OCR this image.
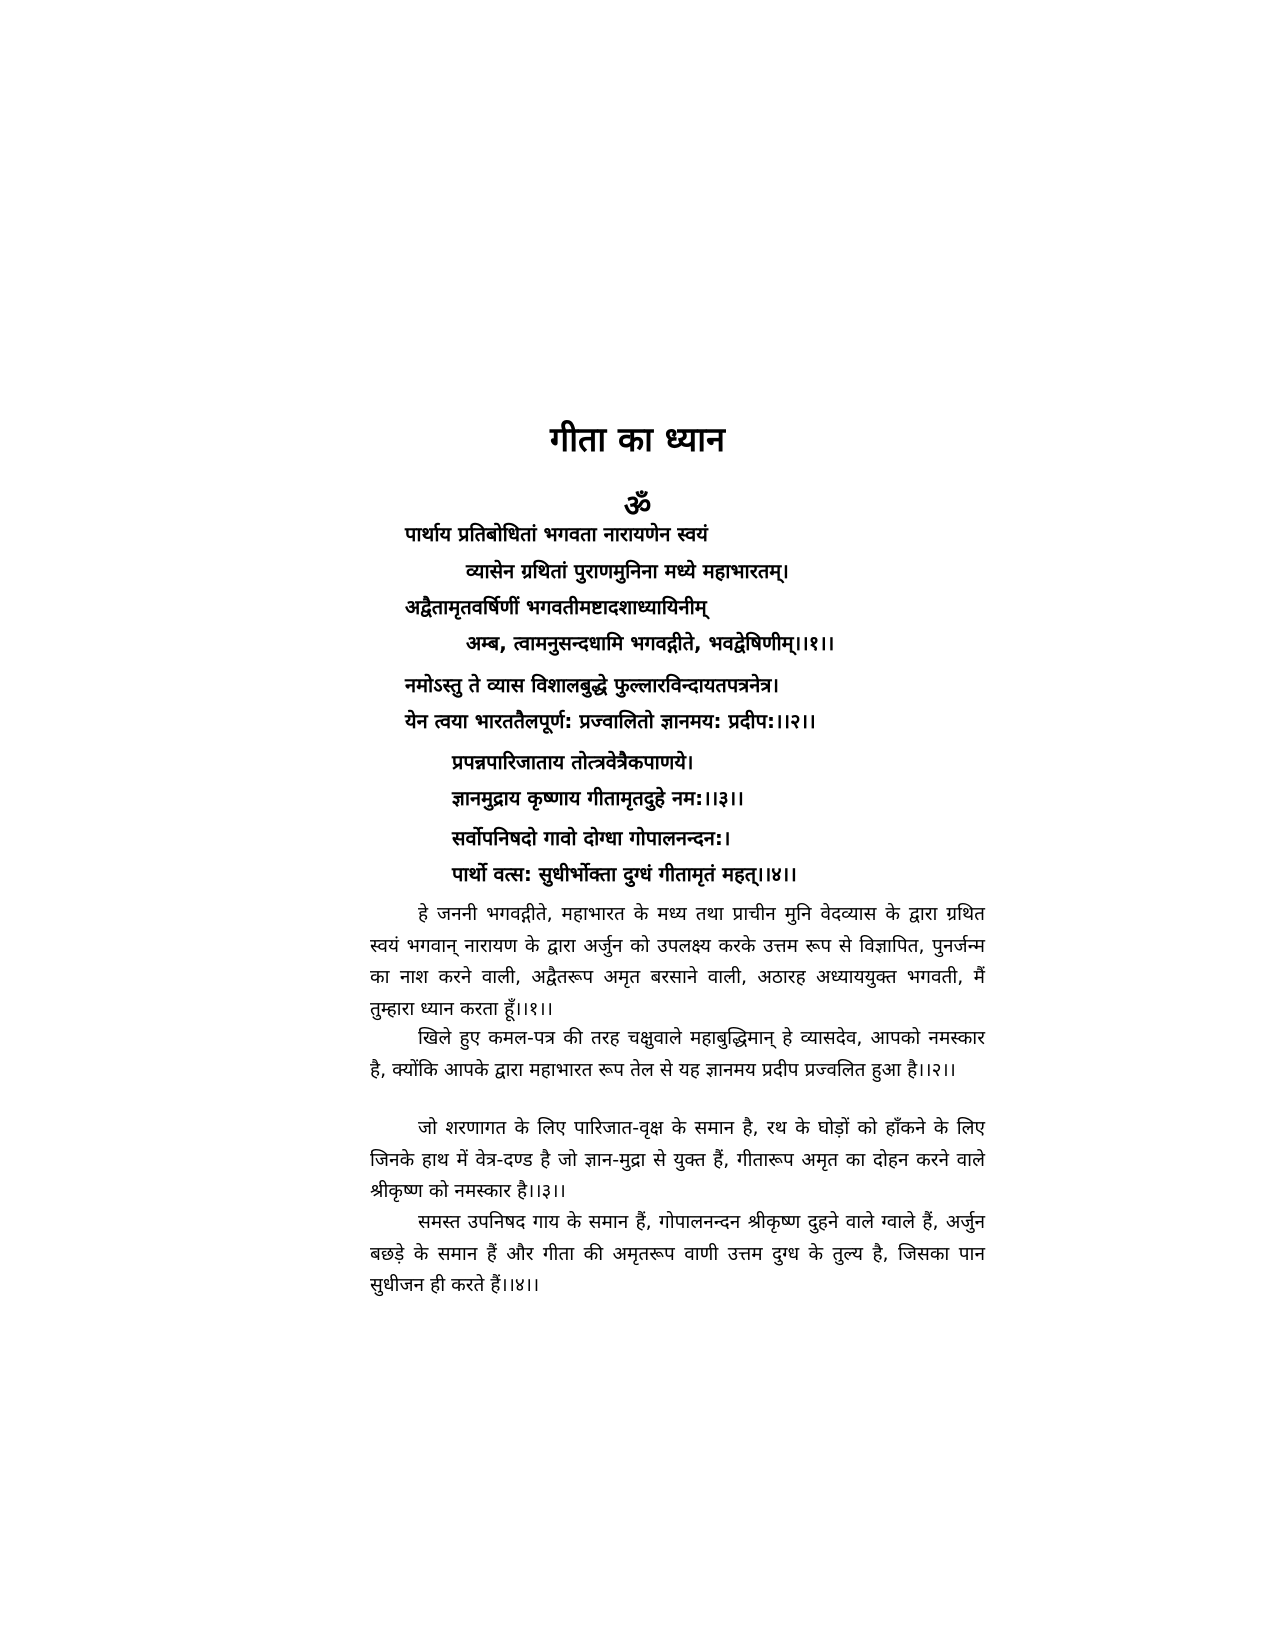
गीता का ध्यान
ॐ
पार्थाय प्रतिबोधितां भगवता नारायणेन स्वयं
व्यासेन ग्रथितां पुराणमुनिना मध्ये महाभारतम्।
अद्वैतामृतवर्षिणीं भगवतीमष्टादशाध्यायिनीम्
अम्ब, त्वामनुसन्दधामि भगवद्गीते, भवद्वेषिणीम्।।१।।
नमोऽस्तु ते व्यास विशालबुद्धे फुल्लारविन्दायतपत्रनेत्र।
येन त्वया भारततैलपूर्ण: प्रज्वालितो ज्ञानमय: प्रदीप:।।२।।
प्रपन्नपारिजाताय तोत्त्रवेत्रैकपाणये।
ज्ञानमुद्राय कृष्णाय गीतामृतदुहे नम:।।३।।
सर्वोपनिषदो गावो दोग्धा गोपालनन्दन:।
पार्थो वत्स: सुधीर्भोक्ता दुग्धं गीतामृतं महत्।।४।।

हे जननी भगवद्गीते, महाभारत के मध्य तथा प्राचीन मुनि वेदव्यास के द्वारा ग्रथित स्वयं भगवान् नारायण के द्वारा अर्जुन को उपलक्ष्य करके उत्तम रूप से विज्ञापित, पुनर्जन्म का नाश करने वाली, अद्वैतरूप अमृत बरसाने वाली, अठारह अध्याययुक्त भगवती, मैं तुम्हारा ध्यान करता हूँ।।१।।

खिले हुए कमल-पत्र की तरह चक्षुवाले महाबुद्धिमान् हे व्यासदेव, आपको नमस्कार है, क्योंकि आपके द्वारा महाभारत रूप तेल से यह ज्ञानमय प्रदीप प्रज्वलित हुआ है।।२।।

जो शरणागत के लिए पारिजात-वृक्ष के समान है, रथ के घोड़ों को हाँकने के लिए जिनके हाथ में वेत्र-दण्ड है जो ज्ञान-मुद्रा से युक्त हैं, गीतारूप अमृत का दोहन करने वाले श्रीकृष्ण को नमस्कार है।।३।।

समस्त उपनिषद गाय के समान हैं, गोपालनन्दन श्रीकृष्ण दुहने वाले ग्वाले हैं, अर्जुन बछड़े के समान हैं और गीता की अमृतरूप वाणी उत्तम दुग्ध के तुल्य है, जिसका पान सुधीजन ही करते हैं।।४।।
